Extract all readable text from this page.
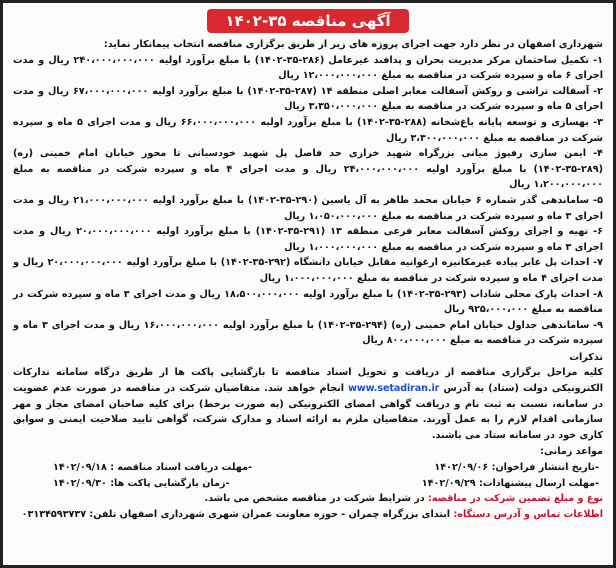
آگهی مناقصه ۳۵-۱۴۰۲
شهرداری اصفهان در نظر دارد جهت اجرای پروژه های زیر از طریق برگزاری مناقصه انتخاب پیمانکار نماید:
۱- تکمیل ساختمان مرکز مدیریت بحران و پدافند غیرعامل (۲۸۶-۳۵-۱۴۰۲) با مبلغ برآورد اولیه ۲۴۰،۰۰۰،۰۰۰،۰۰۰ ریال و مدت اجرای ۶ ماه و سپرده شرکت در مناقصه به مبلغ ۱۲،۰۰۰،۰۰۰،۰۰۰ ریال
۲- آسفالت تراشی و روکش آسفالت معابر اصلی منطقه ۱۴ (۲۸۷-۳۵-۱۴۰۲) با مبلغ برآورد اولیه ۶۷،۰۰۰،۰۰۰،۰۰۰ ریال و مدت اجرای ۵ ماه و سپرده شرکت در مناقصه به مبلغ ۳،۳۵۰،۰۰۰،۰۰۰ ریال
۳- بهسازی و توسعه پایانه باغ‌شخانه (۲۸۸-۳۵-۱۴۰۲) با مبلغ برآورد اولیه ۶۶،۰۰۰،۰۰۰،۰۰۰ ریال و مدت اجرای ۵ ماه و سپرده شرکت در مناقصه به مبلغ ۳،۳۰۰،۰۰۰،۰۰۰ ریال
۴- ایمن سازی رفیوژ میانی بزرگراه شهید خرازی حد فاصل پل شهید خودسیانی تا محور خیابان امام خمینی (ره) (۲۸۹-۳۵-۱۴۰۲) با مبلغ برآورد اولیه ۲۴،۰۰۰،۰۰۰،۰۰۰ ریال و مدت اجرای ۴ ماه و سپرده شرکت در مناقصه به مبلغ ۱،۲۰۰،۰۰۰،۰۰۰ ریال
۵- ساماندهی گذر شماره ۶ خیابان محمد طاهر به آل یاسین (۲۹۰-۳۵-۱۴۰۲) با مبلغ برآورد اولیه ۲۱،۰۰۰،۰۰۰،۰۰۰ ریال و مدت اجرای ۳ ماه و سپرده شرکت در مناقصه به مبلغ ۱،۰۵۰،۰۰۰،۰۰۰ ریال
۶- تهیه و اجرای روکش آسفالت معابر فرعی منطقه ۱۳ (۲۹۱-۳۵-۱۴۰۲) با مبلغ برآورد اولیه ۲۰،۰۰۰،۰۰۰،۰۰۰ ریال و مدت اجرای ۳ ماه و سپرده شرکت در مناقصه به مبلغ ۱،۰۰۰،۰۰۰،۰۰۰ ریال
۷- احداث پل عابر پیاده غیرمکانیزه ارغوانیه مقابل خیابان دانشگاه (۲۹۲-۳۵-۱۴۰۲) با مبلغ برآورد اولیه ۲۰،۰۰۰،۰۰۰،۰۰۰ ریال و مدت اجرای ۴ ماه و سپرده شرکت در مناقصه به مبلغ ۱،۰۰۰،۰۰۰،۰۰۰ ریال
۸- احداث پارک محلی شاداب (۲۹۳-۳۵-۱۴۰۲) با مبلغ برآورد اولیه ۱۸،۵۰۰،۰۰۰،۰۰۰ ریال و مدت اجرای ۳ ماه و سپرده شرکت در مناقصه به مبلغ ۹۲۵،۰۰۰،۰۰۰ ریال
۹- ساماندهی جداول خیابان امام خمینی (ره) (۲۹۴-۳۵-۱۴۰۲) با مبلغ برآورد اولیه ۱۶،۰۰۰،۰۰۰،۰۰۰ ریال و مدت اجرای ۳ ماه و سپرده شرکت در مناقصه به مبلغ ۸۰۰،۰۰۰،۰۰۰ ریال
تذکرات
کلیه مراحل برگزاری مناقصه از دریافت و تحویل اسناد مناقصه تا بازگشایی پاکت ها از طریق درگاه سامانه تدارکات الکترونیکی دولت (ستاد) به آدرس www.setadiran.ir انجام خواهد شد. متقاضیان شرکت در مناقصه در صورت عدم عضویت در سامانه، نسبت به ثبت نام و دریافت گواهی امضای الکترونیکی (به صورت برخط) برای کلیه صاحبان امضای مجاز و مهر سازمانی اقدام لازم را به عمل آورند. متقاضیان ملزم به ارائه اسناد و مدارک شرکت، گواهی تایید صلاحیت ایمنی و سوابق کاری خود در سامانه ستاد می باشند.
مواعد زمانی:
-تاریخ انتشار فراخوان: ۱۴۰۲/۰۹/۰۶
-مهلت دریافت اسناد مناقصه : ۱۴۰۲/۰۹/۱۸
-مهلت ارسال پیشنهادات: ۱۴۰۲/۰۹/۲۹
-زمان بازگشایی پاکت ها: ۱۴۰۲/۰۹/۳۰
نوع و مبلغ تضمین شرکت در مناقصه: در شرایط شرکت در مناقصه مشخص می باشد.
اطلاعات تماس و آدرس دستگاه: ابتدای بزرگراه چمران - حوزه معاونت عمران شهری شهرداری اصفهان تلفن: ۰۳۱۳۴۵۹۳۷۳۷
